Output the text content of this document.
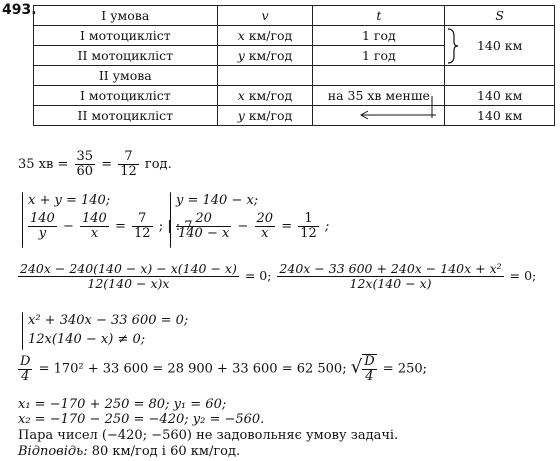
493.	І умова	v	t	S
І мотоцикліст	x км/год	1 год	140 км
ІІ мотоцикліст	y км/год	1 год	
ІІ умова			
І мотоцикліст	x км/год	на 35 хв менше	140 км
ІІ мотоцикліст	y км/год		140 км
35 хв = $\frac{35}{60} = \frac{7}{12}$ год.
x + y = 140;
$\frac{140}{y} - \frac{140}{x} = \frac{7}{12}$ ; | : 7
y = 140 − x;
$\frac{20}{140 - x} - \frac{20}{x} = \frac{1}{12}$ ;
$\frac{240x - 240(140 - x) - x(140 - x)}{12(140 - x)x} = 0$; $\frac{\text{240x − 33 600 + 240x − 140x + x²}}{12x(140 - x)} = 0$;
x² + 340x − 33 600 = 0;
12x(140 − x) ≠ 0;
$\frac{D}{4} = 170^2 + 33$ 600 = 28 900 + 33 600 = 62 500; √ $\frac{D}{4} = 250$;
x₁ = −170 + 250 = 80; y₁ = 60;
x₂ = −170 − 250 = −420; y₂ = −560.
Пара чисел (−420; −560) не задовольняє умову задачі.
Відповідь: 80 км/год і 60 км/год.
